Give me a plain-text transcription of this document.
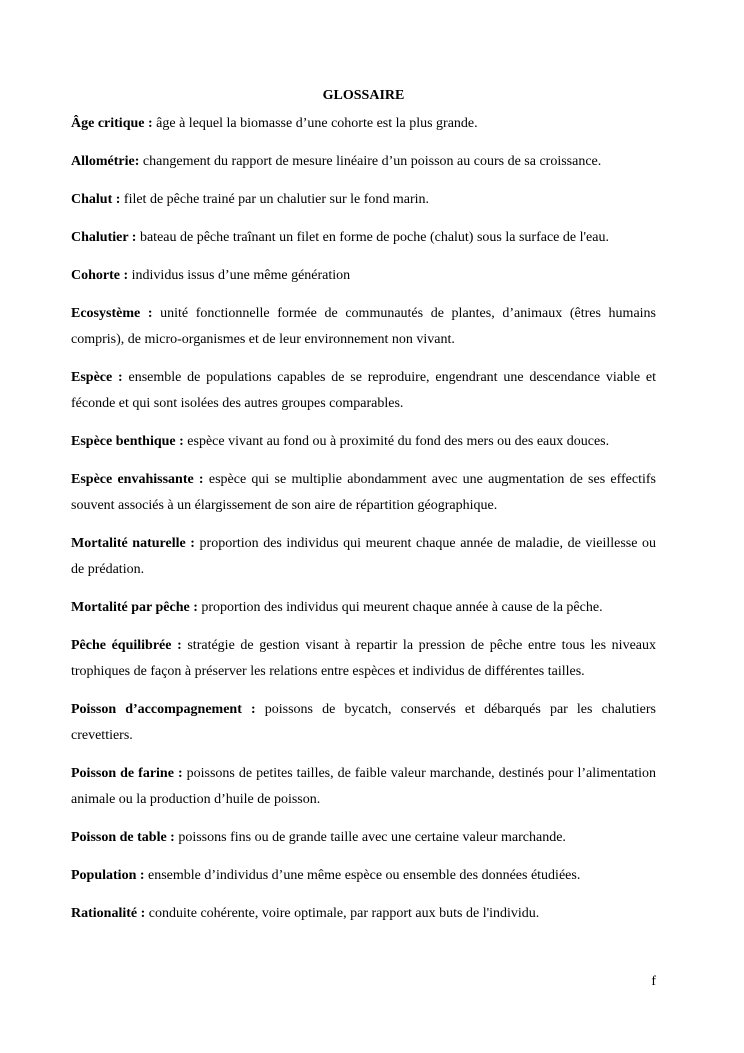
GLOSSAIRE

Âge critique : âge à lequel la biomasse d’une cohorte est la plus grande.

Allométrie: changement du rapport de mesure linéaire d’un poisson au cours de sa croissance.

Chalut : filet de pêche trainé par un chalutier sur le fond marin.

Chalutier : bateau de pêche traînant un filet en forme de poche (chalut) sous la surface de l'eau.

Cohorte : individus issus d’une même génération

Ecosystème : unité fonctionnelle formée de communautés de plantes, d’animaux (êtres humains compris), de micro-organismes et de leur environnement non vivant.

Espèce : ensemble de populations capables de se reproduire, engendrant une descendance viable et féconde et qui sont isolées des autres groupes comparables.

Espèce benthique : espèce vivant au fond ou à proximité du fond des mers ou des eaux douces.

Espèce envahissante : espèce qui se multiplie abondamment avec une augmentation de ses effectifs souvent associés à un élargissement de son aire de répartition géographique.

Mortalité naturelle : proportion des individus qui meurent chaque année de maladie, de vieillesse ou de prédation.

Mortalité par pêche : proportion des individus qui meurent chaque année à cause de la pêche.

Pêche équilibrée : stratégie de gestion visant à repartir la pression de pêche entre tous les niveaux trophiques de façon à préserver les relations entre espèces et individus de différentes tailles.

Poisson d’accompagnement : poissons de bycatch, conservés et débarqués par les chalutiers crevettiers.

Poisson de farine : poissons de petites tailles, de faible valeur marchande, destinés pour l’alimentation animale ou la production d’huile de poisson.

Poisson de table : poissons fins ou de grande taille avec une certaine valeur marchande.

Population : ensemble d’individus d’une même espèce ou ensemble des données étudiées.

Rationalité : conduite cohérente, voire optimale, par rapport aux buts de l'individu.

f
